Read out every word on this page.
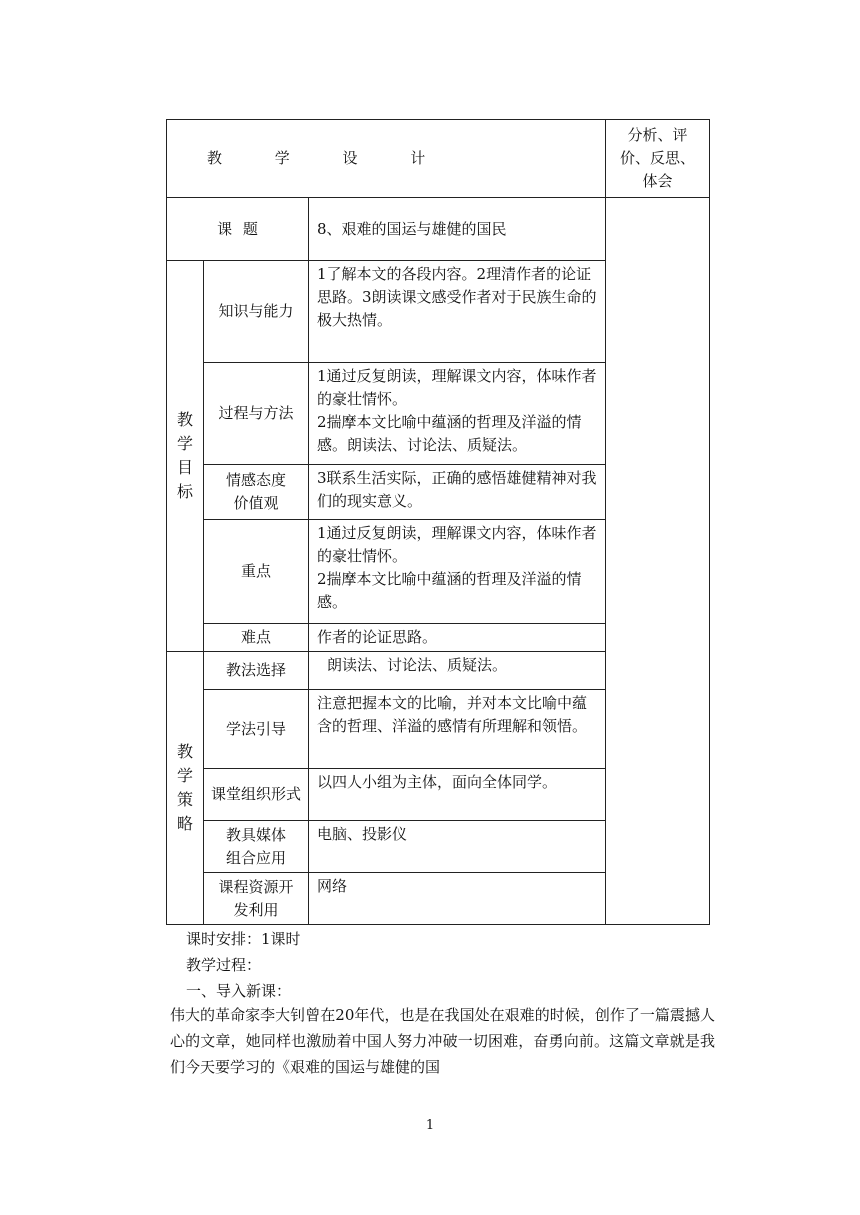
教 学 设 计			分析、评价、反思、体会
课 题		8、艰难的国运与雄健的国民	

教
学
目
标	知识与能力	1了解本文的各段内容。2理清作者的论证思路。3朗读课文感受作者对于民族生命的极大热情。	
	过程与方法	1通过反复朗读，理解课文内容，体味作者的豪壮情怀。
2揣摩本文比喻中蕴涵的哲理及洋溢的情感。朗读法、讨论法、质疑法。	

	情感态度
价值观	3联系生活实际，正确的感悟雄健精神对我们的现实意义。	
	重点	1通过反复朗读，理解课文内容，体味作者的豪壮情怀。
2揣摩本文比喻中蕴涵的哲理及洋溢的情感。	

	难点	作者的论证思路。	

教
学
策
略	教法选择	朗读法、讨论法、质疑法。	
	学法引导	注意把握本文的比喻，并对本文比喻中蕴含的哲理、洋溢的感情有所理解和领悟。	
	课堂组织形式	以四人小组为主体，面向全体同学。	

	教具媒体
组合应用	电脑、投影仪	

	课程资源开
发利用	网络	
课时安排：1课时
教学过程：
一、导入新课：
伟大的革命家李大钊曾在20年代，也是在我国处在艰难的时候，创作了一篇震撼人心的文章，她同样也激励着中国人努力冲破一切困难，奋勇向前。这篇文章就是我们今天要学习的《艰难的国运与雄健的国
1
